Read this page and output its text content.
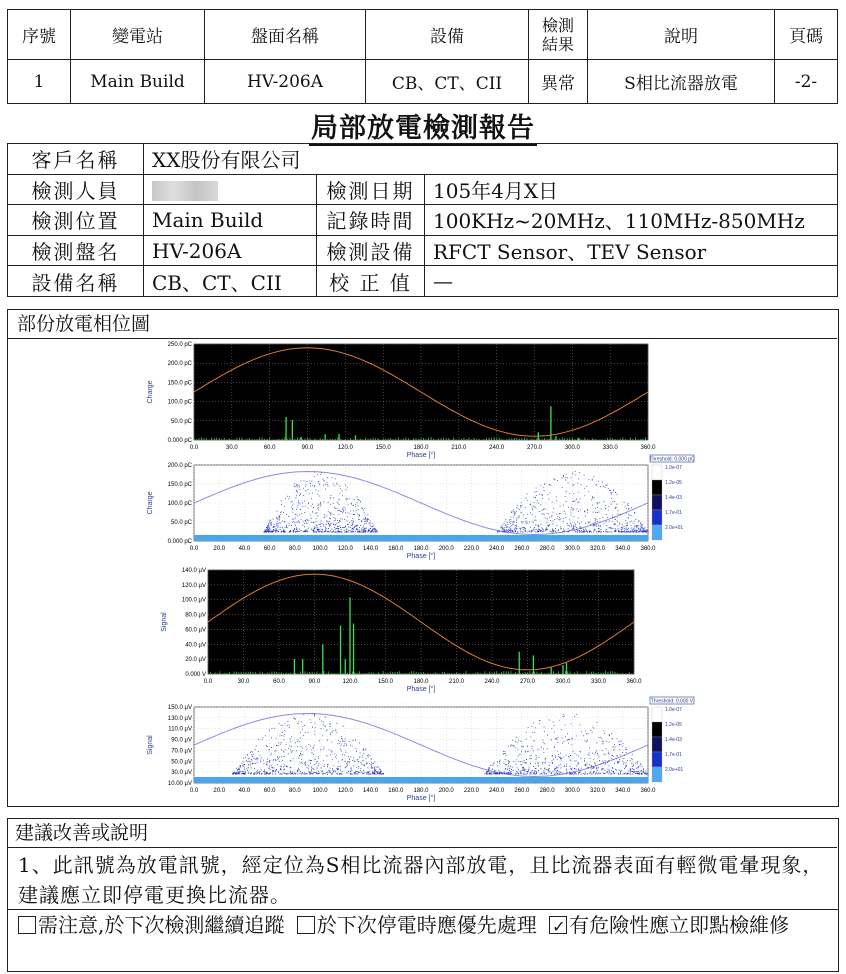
序號	變電站	盤面名稱	設備	檢測
結果	說明	頁碼
1	Main Build	HV-206A	CB、CT、CII	異常	S相比流器放電	-2-
局部放電檢測報告
客戶名稱	XX股份有限公司		
檢測人員		檢測日期	105年4月X日
檢測位置	Main Build	記錄時間	100KHz~20MHz、110MHz-850MHz
檢測盤名	HV-206A	檢測設備	RFCT Sensor、TEV Sensor
設備名稱	CB、CT、CII	校 正 值	—
部份放電相位圖
0.0	30.0	60.0	90.0	120.0	150.0	180.0	210.0	240.0	270.0	300.0	330.0	360.0
250.0 pC
200.0 pC
150.0 pC
100.0 pC
50.0 pC
0.000 pC
Phase [°]
Charge
0.0	20.0 40.0 60.0 80.0 100.0 120.0 140.0 160.0 180.0 200.0 220.0 240.0 260.0 280.0 300.0 320.0 340.0 360.0
200.0 pC
150.0 pC
100.0 pC
50.0 pC
0.000 pC
Phase [°]
Charge
Threshold: 0.000 pC
1.0e-07
1.2e-05
1.4e-03
1.7e-01
2.0e+01
0.0	30.0	60.0	90.0	120.0	150.0	180.0	210.0	240.0	270.0	300.0	330.0	360.0
140.0 µV
120.0 µV
100.0 µV
80.0 µV
60.0 µV
40.0 µV
20.0 µV
0.000 V
Phase [°]
Signal
0.0	20.0 40.0 60.0 80.0 100.0 120.0 140.0 160.0 180.0 200.0 220.0 240.0 260.0 280.0 300.0 320.0 340.0 360.0
150.0 µV
130.0 µV
110.0 µV
90.0 µV
70.0 µV
50.0 µV
30.0 µV
10.00 µV
Phase [°]
Signal
Threshold: 0.000 V
1.0e-07
1.2e-05
1.4e-03
1.7e-01
2.0e+01
建議改善或說明
1、此訊號為放電訊號，經定位為S相比流器內部放電，且比流器表面有輕微電暈現象，建議應立即停電更換比流器。
需注意,於下次檢測繼續追蹤 於下次停電時應優先處理 ✓ 有危險性應立即點檢維修
